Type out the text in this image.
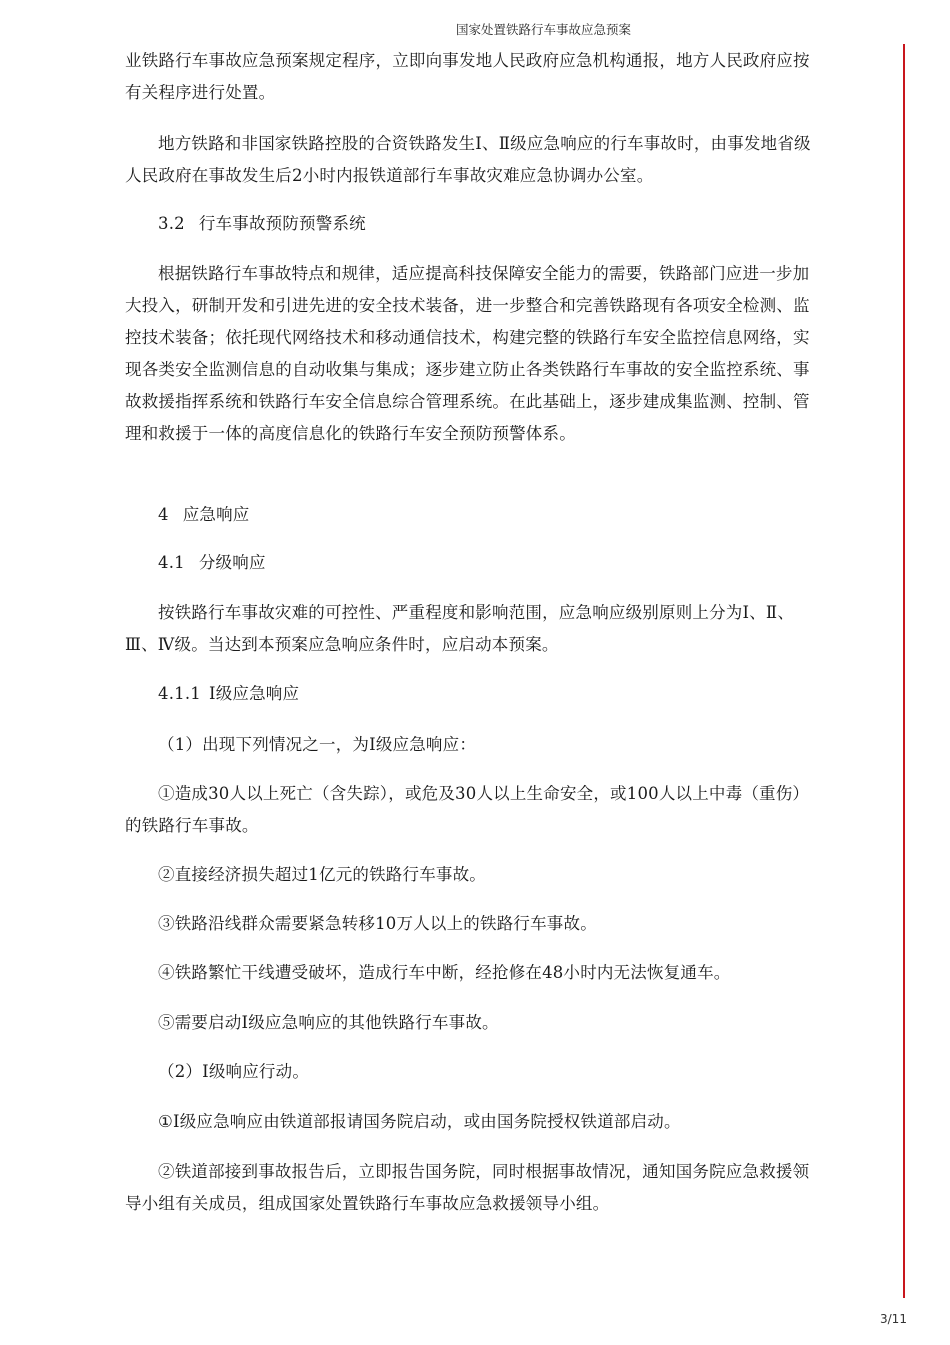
国家处置铁路行车事故应急预案
业铁路行车事故应急预案规定程序，立即向事发地人民政府应急机构通报，地方人民政府应按有关程序进行处置。
地方铁路和非国家铁路控股的合资铁路发生Ⅰ、Ⅱ级应急响应的行车事故时，由事发地省级人民政府在事故发生后2小时内报铁道部行车事故灾难应急协调办公室。
3.2 行车事故预防预警系统
根据铁路行车事故特点和规律，适应提高科技保障安全能力的需要，铁路部门应进一步加大投入，研制开发和引进先进的安全技术装备，进一步整合和完善铁路现有各项安全检测、监控技术装备；依托现代网络技术和移动通信技术，构建完整的铁路行车安全监控信息网络，实现各类安全监测信息的自动收集与集成；逐步建立防止各类铁路行车事故的安全监控系统、事故救援指挥系统和铁路行车安全信息综合管理系统。在此基础上，逐步建成集监测、控制、管理和救援于一体的高度信息化的铁路行车安全预防预警体系。
4 应急响应
4.1 分级响应
按铁路行车事故灾难的可控性、严重程度和影响范围，应急响应级别原则上分为Ⅰ、Ⅱ、Ⅲ、Ⅳ级。当达到本预案应急响应条件时，应启动本预案。
4.1.1 Ⅰ级应急响应
（1）出现下列情况之一，为Ⅰ级应急响应：
①造成30人以上死亡（含失踪），或危及30人以上生命安全，或100人以上中毒（重伤）的铁路行车事故。
②直接经济损失超过1亿元的铁路行车事故。
③铁路沿线群众需要紧急转移10万人以上的铁路行车事故。
④铁路繁忙干线遭受破坏，造成行车中断，经抢修在48小时内无法恢复通车。
⑤需要启动Ⅰ级应急响应的其他铁路行车事故。
（2）Ⅰ级响应行动。
①Ⅰ级应急响应由铁道部报请国务院启动，或由国务院授权铁道部启动。
②铁道部接到事故报告后，立即报告国务院，同时根据事故情况，通知国务院应急救援领导小组有关成员，组成国家处置铁路行车事故应急救援领导小组。
3/11
